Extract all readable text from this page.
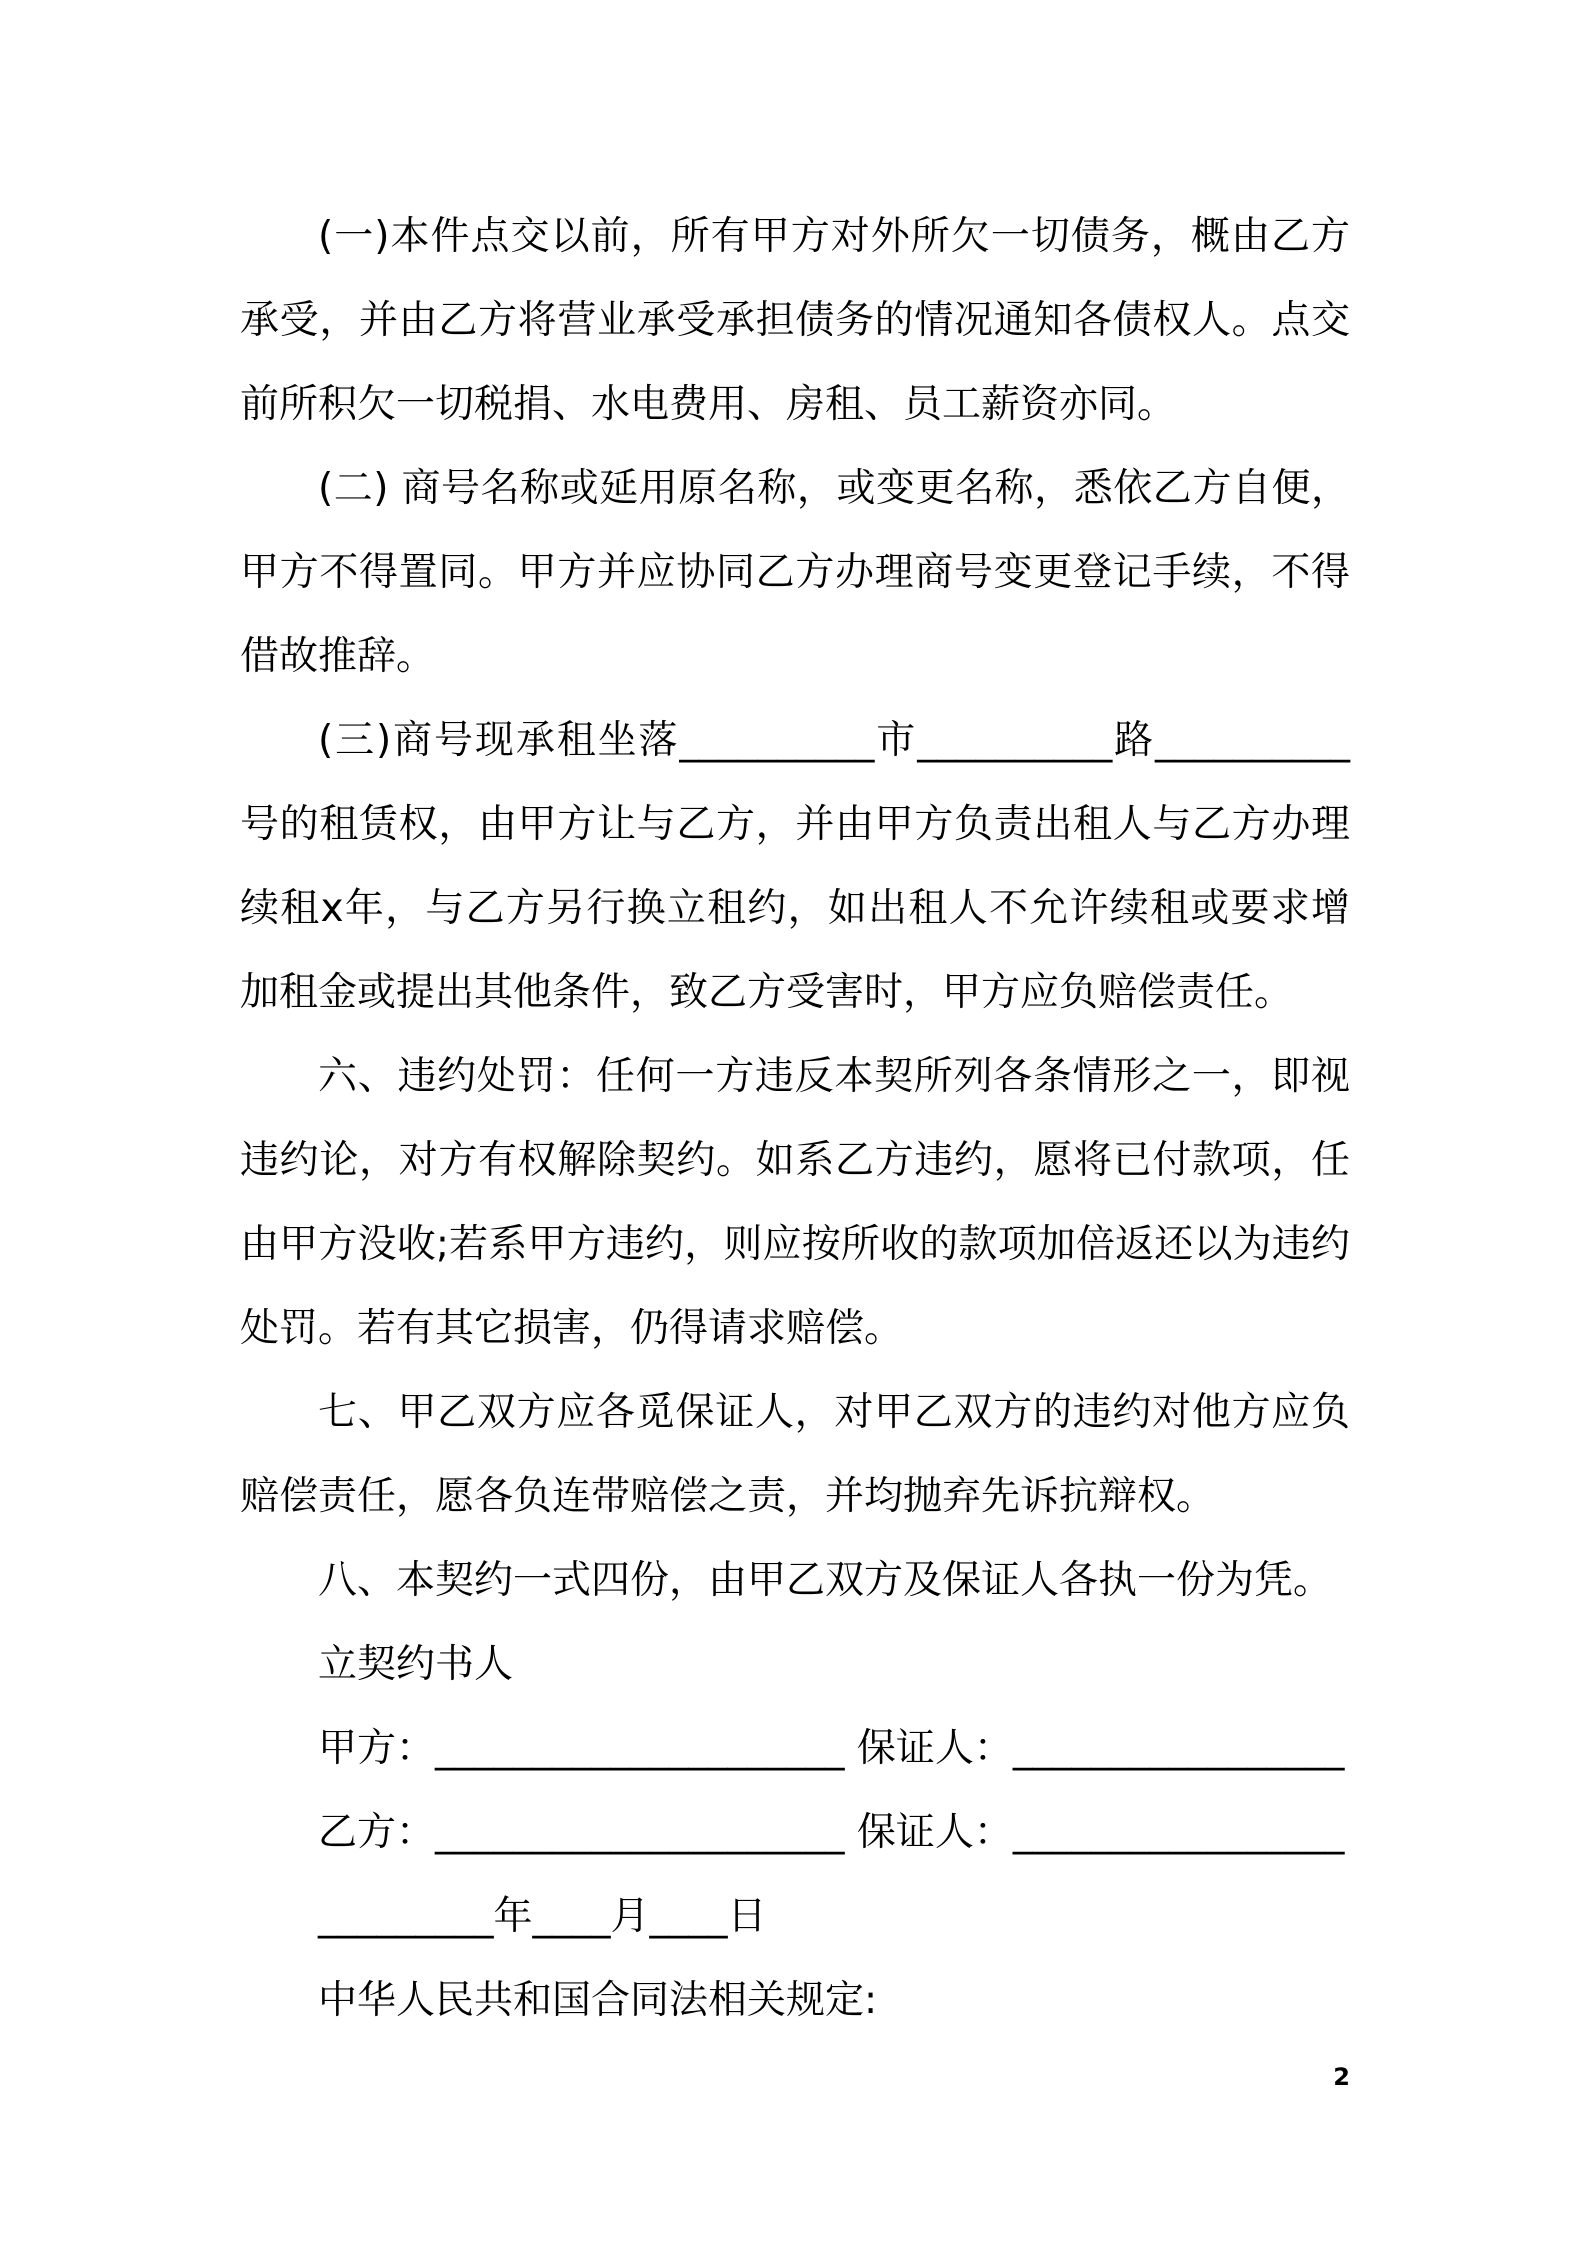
(一)本件点交以前，所有甲方对外所欠一切债务，概由乙方承受，并由乙方将营业承受承担债务的情况通知各债权人。点交前所积欠一切税捐、水电费用、房租、员工薪资亦同。

(二) 商号名称或延用原名称，或变更名称，悉依乙方自便，甲方不得置同。甲方并应协同乙方办理商号变更登记手续，不得借故推辞。

(三)商号现承租坐落__________市__________路__________号的租赁权，由甲方让与乙方，并由甲方负责出租人与乙方办理续租x年，与乙方另行换立租约，如出租人不允许续租或要求增加租金或提出其他条件，致乙方受害时，甲方应负赔偿责任。

六、违约处罚：任何一方违反本契所列各条情形之一，即视违约论，对方有权解除契约。如系乙方违约，愿将已付款项，任由甲方没收;若系甲方违约，则应按所收的款项加倍返还以为违约处罚。若有其它损害，仍得请求赔偿。

七、甲乙双方应各觅保证人，对甲乙双方的违约对他方应负赔偿责任，愿各负连带赔偿之责，并均抛弃先诉抗辩权。

八、本契约一式四份，由甲乙双方及保证人各执一份为凭。

立契约书人

甲方：_____________________ 保证人：_________________

乙方：_____________________ 保证人：_________________

_________年____月____日

中华人民共和国合同法相关规定:

2
